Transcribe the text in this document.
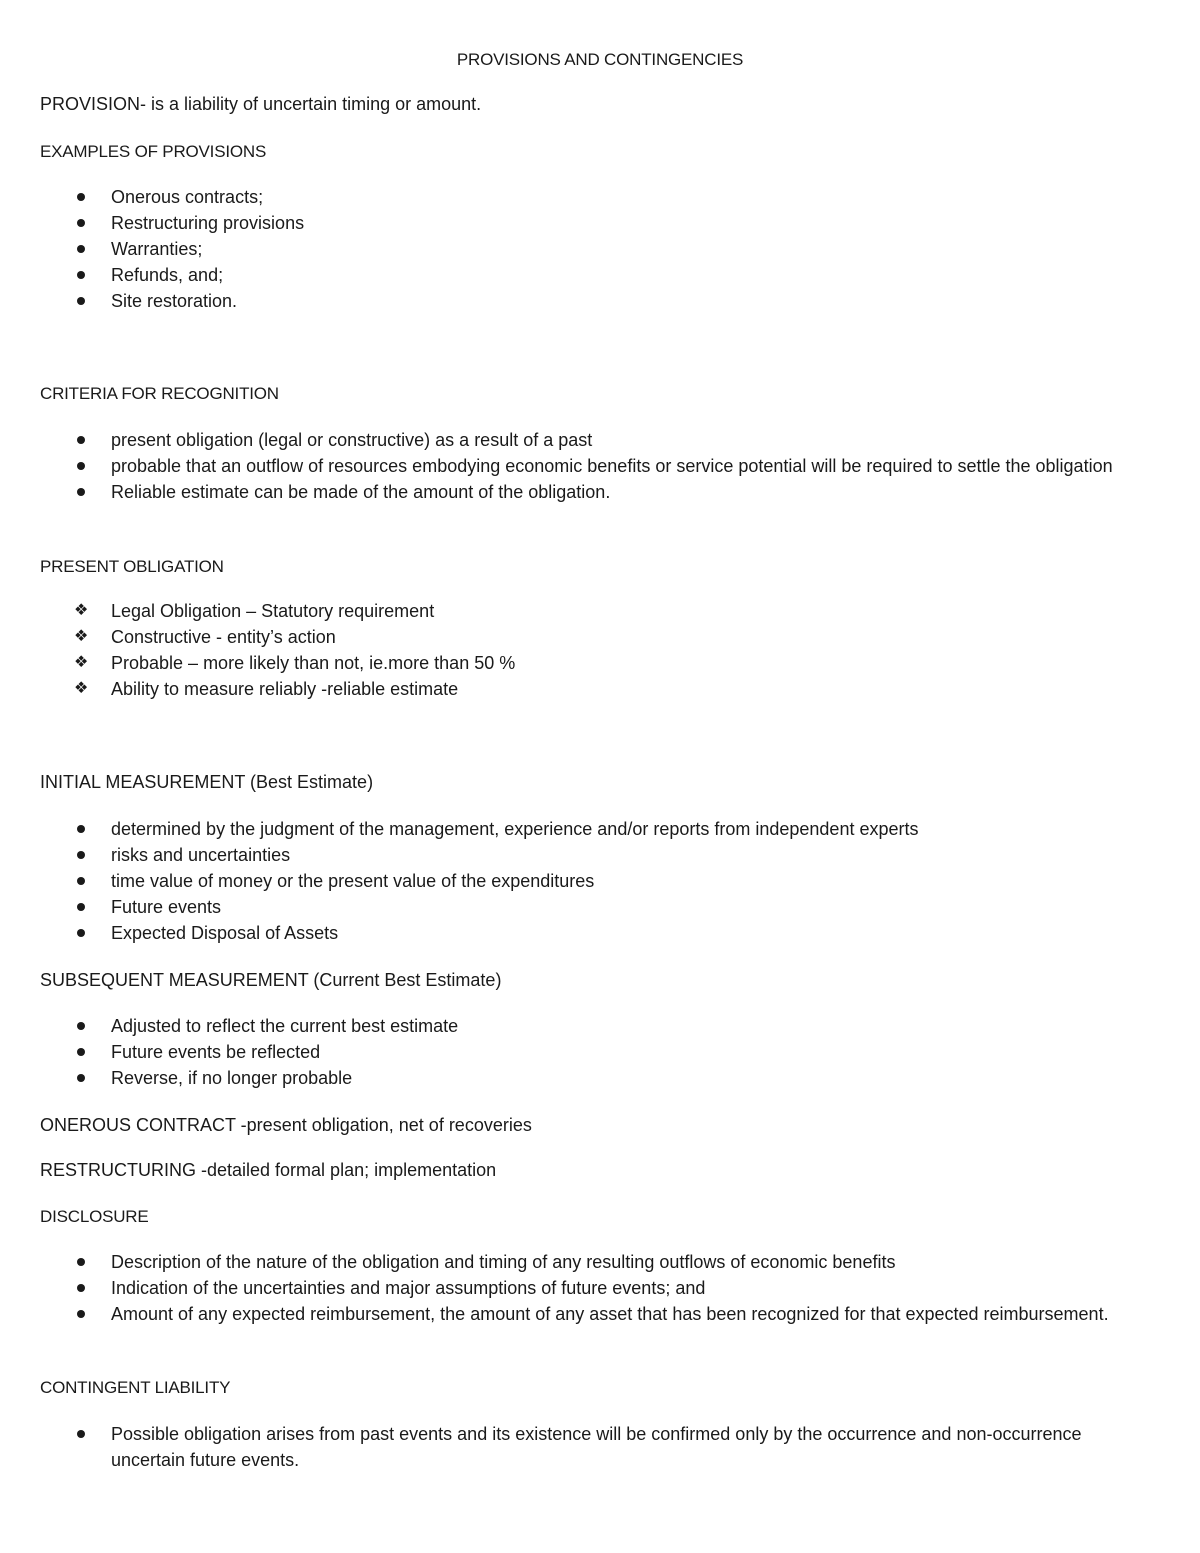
PROVISIONS AND CONTINGENCIES

PROVISION- is a liability of uncertain timing or amount.

EXAMPLES OF PROVISIONS

Onerous contracts;
Restructuring provisions
Warranties;
Refunds, and;
Site restoration.

CRITERIA FOR RECOGNITION

present obligation (legal or constructive) as a result of a past
probable that an outflow of resources embodying economic benefits or service potential will be required to settle the obligation
Reliable estimate can be made of the amount of the obligation.

PRESENT OBLIGATION

❖ Legal Obligation – Statutory requirement
❖ Constructive - entity’s action
❖ Probable – more likely than not, ie.more than 50 %
❖ Ability to measure reliably -reliable estimate

INITIAL MEASUREMENT (Best Estimate)

determined by the judgment of the management, experience and/or reports from independent experts
risks and uncertainties
time value of money or the present value of the expenditures
Future events
Expected Disposal of Assets

SUBSEQUENT MEASUREMENT (Current Best Estimate)

Adjusted to reflect the current best estimate
Future events be reflected
Reverse, if no longer probable

ONEROUS CONTRACT -present obligation, net of recoveries

RESTRUCTURING -detailed formal plan; implementation

DISCLOSURE

Description of the nature of the obligation and timing of any resulting outflows of economic benefits
Indication of the uncertainties and major assumptions of future events; and
Amount of any expected reimbursement, the amount of any asset that has been recognized for that expected reimbursement.

CONTINGENT LIABILITY

Possible obligation arises from past events and its existence will be confirmed only by the occurrence and non-occurrence uncertain future events.
